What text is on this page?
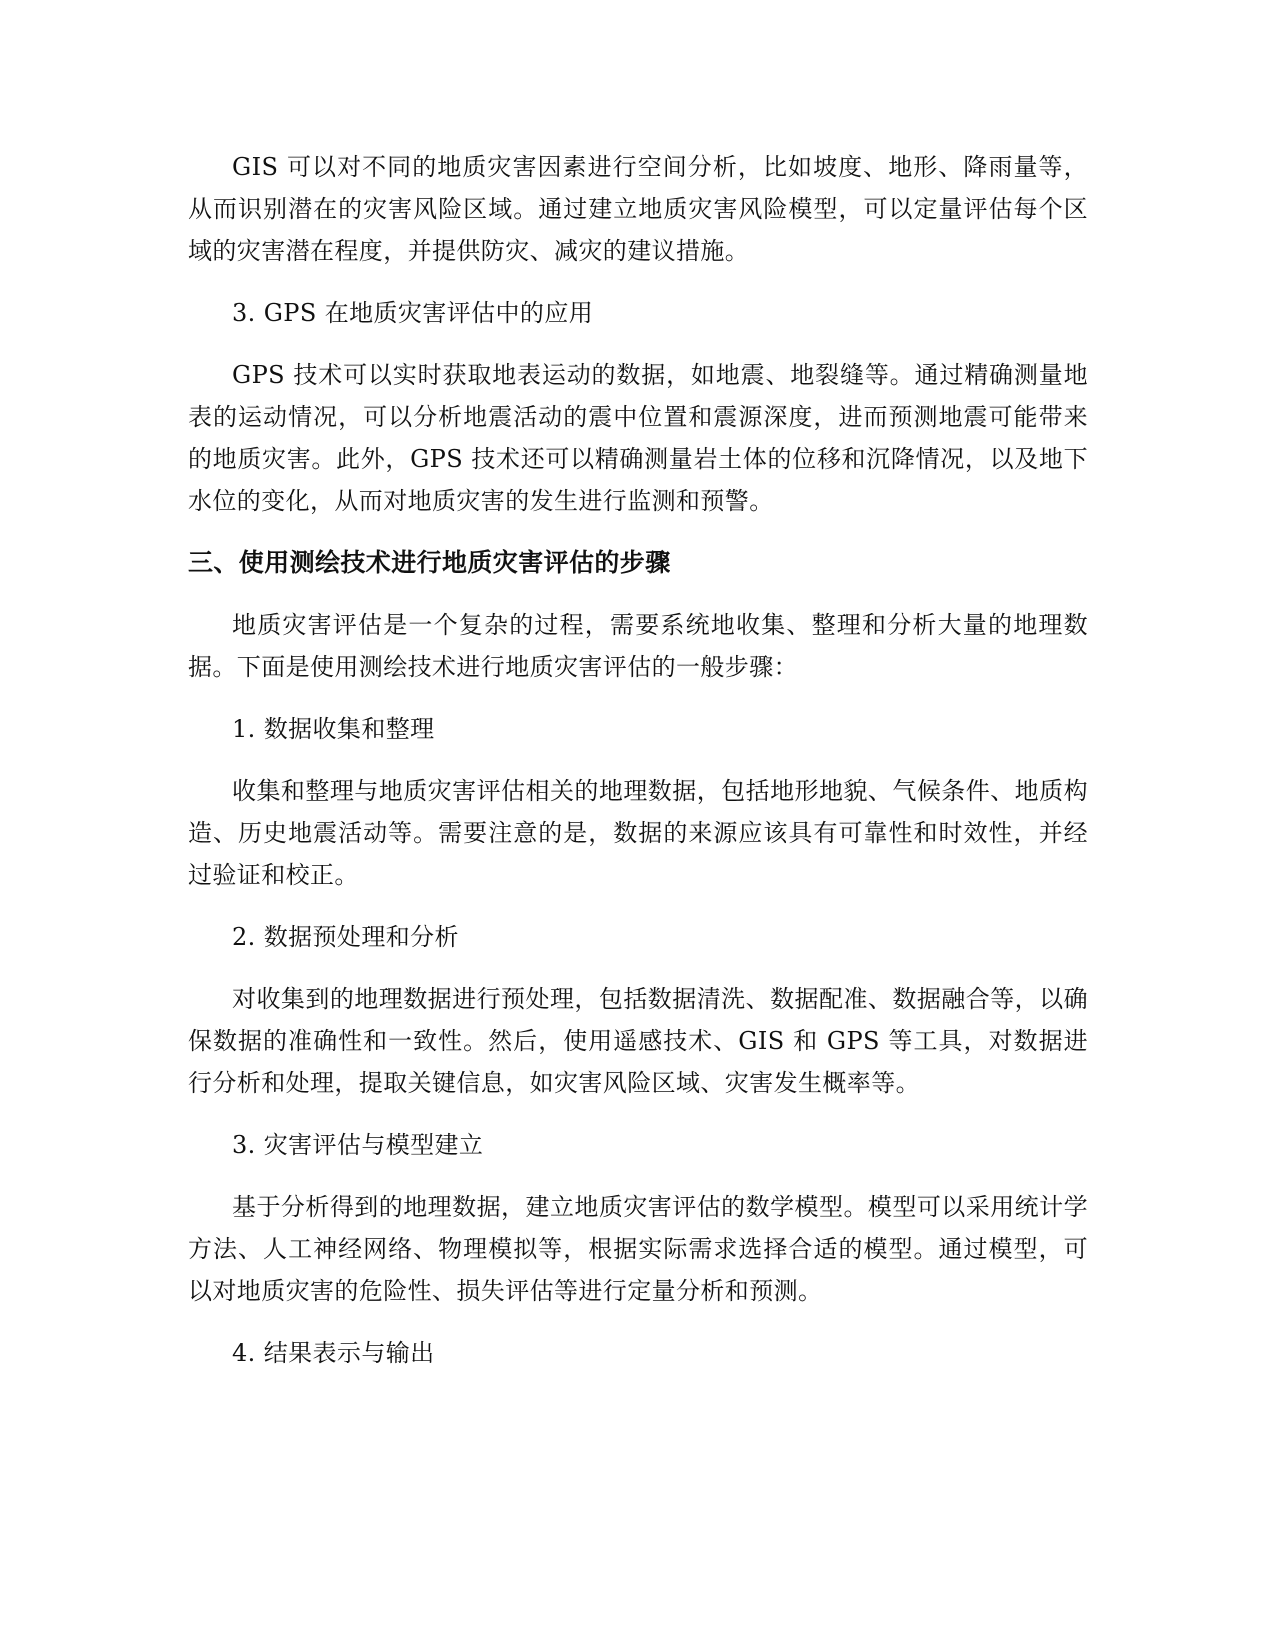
GIS 可以对不同的地质灾害因素进行空间分析，比如坡度、地形、降雨量等，从而识别潜在的灾害风险区域。通过建立地质灾害风险模型，可以定量评估每个区域的灾害潜在程度，并提供防灾、减灾的建议措施。

3. GPS 在地质灾害评估中的应用

GPS 技术可以实时获取地表运动的数据，如地震、地裂缝等。通过精确测量地表的运动情况，可以分析地震活动的震中位置和震源深度，进而预测地震可能带来的地质灾害。此外，GPS 技术还可以精确测量岩土体的位移和沉降情况，以及地下水位的变化，从而对地质灾害的发生进行监测和预警。

三、使用测绘技术进行地质灾害评估的步骤

地质灾害评估是一个复杂的过程，需要系统地收集、整理和分析大量的地理数据。下面是使用测绘技术进行地质灾害评估的一般步骤：

1. 数据收集和整理

收集和整理与地质灾害评估相关的地理数据，包括地形地貌、气候条件、地质构造、历史地震活动等。需要注意的是，数据的来源应该具有可靠性和时效性，并经过验证和校正。

2. 数据预处理和分析

对收集到的地理数据进行预处理，包括数据清洗、数据配准、数据融合等，以确保数据的准确性和一致性。然后，使用遥感技术、GIS 和 GPS 等工具，对数据进行分析和处理，提取关键信息，如灾害风险区域、灾害发生概率等。

3. 灾害评估与模型建立

基于分析得到的地理数据，建立地质灾害评估的数学模型。模型可以采用统计学方法、人工神经网络、物理模拟等，根据实际需求选择合适的模型。通过模型，可以对地质灾害的危险性、损失评估等进行定量分析和预测。

4. 结果表示与输出
